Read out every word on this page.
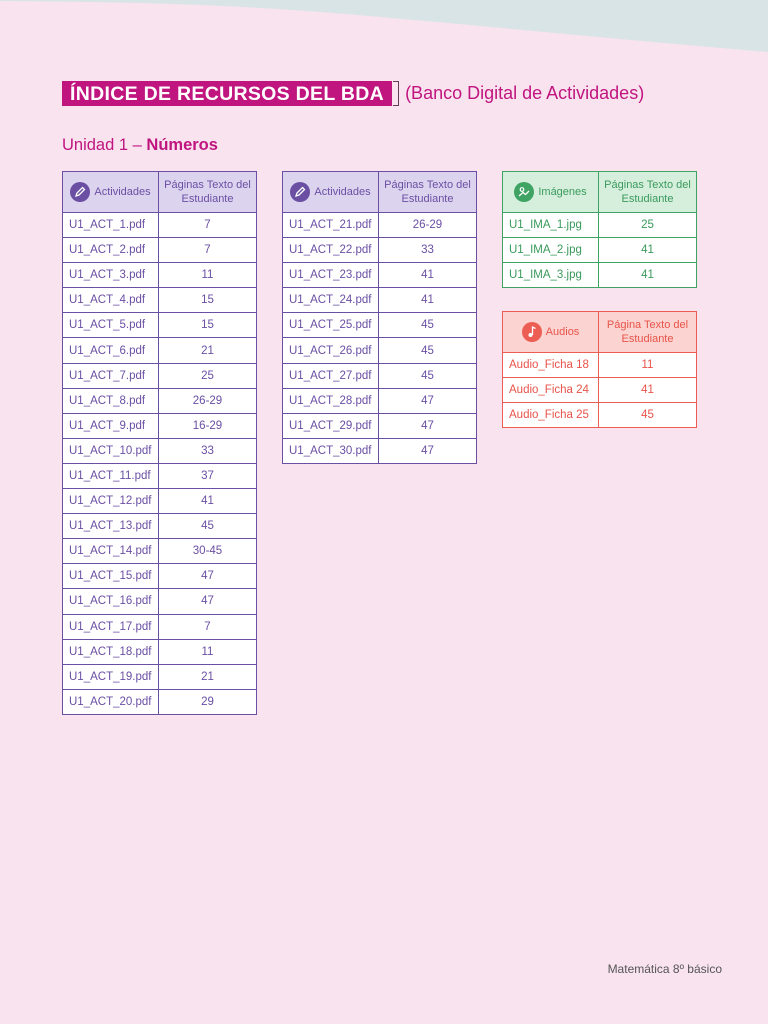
ÍNDICE DE RECURSOS DEL BDA	(Banco Digital de Actividades)
Unidad 1 – Números
Actividades	Páginas Texto del Estudiante
U1_ACT_1.pdf	7
U1_ACT_2.pdf	7
U1_ACT_3.pdf	11
U1_ACT_4.pdf	15
U1_ACT_5.pdf	15
U1_ACT_6.pdf	21
U1_ACT_7.pdf	25
U1_ACT_8.pdf	26-29
U1_ACT_9.pdf	16-29
U1_ACT_10.pdf	33
U1_ACT_11.pdf	37
U1_ACT_12.pdf	41
U1_ACT_13.pdf	45
U1_ACT_14.pdf	30-45
U1_ACT_15.pdf	47
U1_ACT_16.pdf	47
U1_ACT_17.pdf	7
U1_ACT_18.pdf	11
U1_ACT_19.pdf	21
U1_ACT_20.pdf	29
Actividades	Páginas Texto del Estudiante
U1_ACT_21.pdf	26-29
U1_ACT_22.pdf	33
U1_ACT_23.pdf	41
U1_ACT_24.pdf	41
U1_ACT_25.pdf	45
U1_ACT_26.pdf	45
U1_ACT_27.pdf	45
U1_ACT_28.pdf	47
U1_ACT_29.pdf	47
U1_ACT_30.pdf	47
Imágenes	Páginas Texto del Estudiante
U1_IMA_1.jpg	25
U1_IMA_2.jpg	41
U1_IMA_3.jpg	41
Audios	Página Texto del Estudiante
Audio_Ficha 18	11
Audio_Ficha 24	41
Audio_Ficha 25	45
Matemática 8º básico
